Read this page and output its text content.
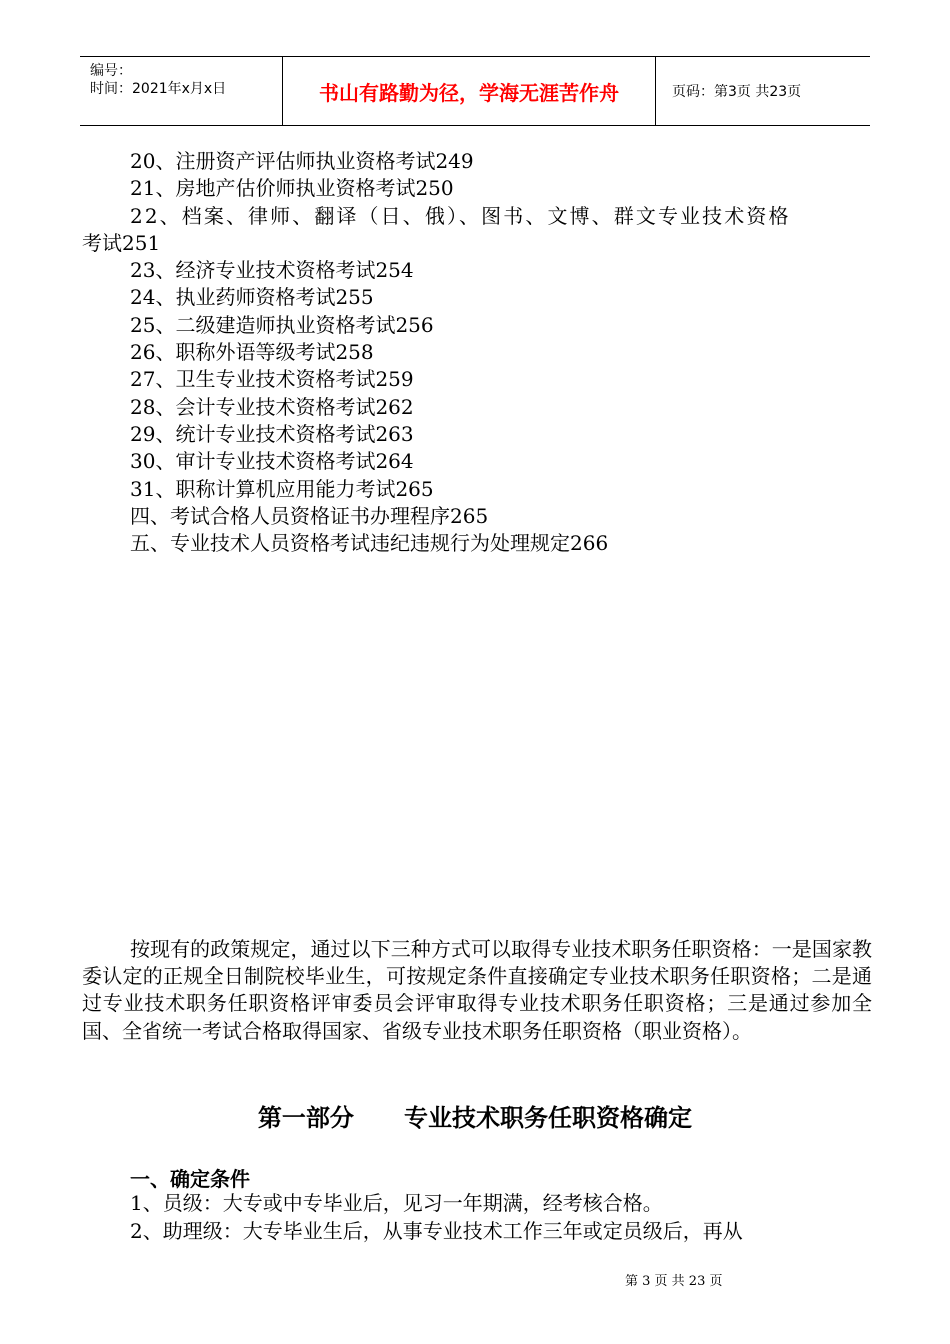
编号：
时间：2021年x月x日	书山有路勤为径，学海无涯苦作舟	页码：第3页 共23页
20、注册资产评估师执业资格考试249
21、房地产估价师执业资格考试250
22、档案、律师、翻译（日、俄）、图书、文博、群文专业技术资格
考试251
23、经济专业技术资格考试254
24、执业药师资格考试255
25、二级建造师执业资格考试256
26、职称外语等级考试258
27、卫生专业技术资格考试259
28、会计专业技术资格考试262
29、统计专业技术资格考试263
30、审计专业技术资格考试264
31、职称计算机应用能力考试265
四、考试合格人员资格证书办理程序265
五、专业技术人员资格考试违纪违规行为处理规定266
按现有的政策规定，通过以下三种方式可以取得专业技术职务任职资格：一是国家教委认定的正规全日制院校毕业生，可按规定条件直接确定专业技术职务任职资格；二是通过专业技术职务任职资格评审委员会评审取得专业技术职务任职资格；三是通过参加全国、全省统一考试合格取得国家、省级专业技术职务任职资格（职业资格）。
第一部分      专业技术职务任职资格确定
一、确定条件
1、员级：大专或中专毕业后，见习一年期满，经考核合格。
2、助理级：大专毕业生后，从事专业技术工作三年或定员级后，再从
第 3 页 共 23 页
